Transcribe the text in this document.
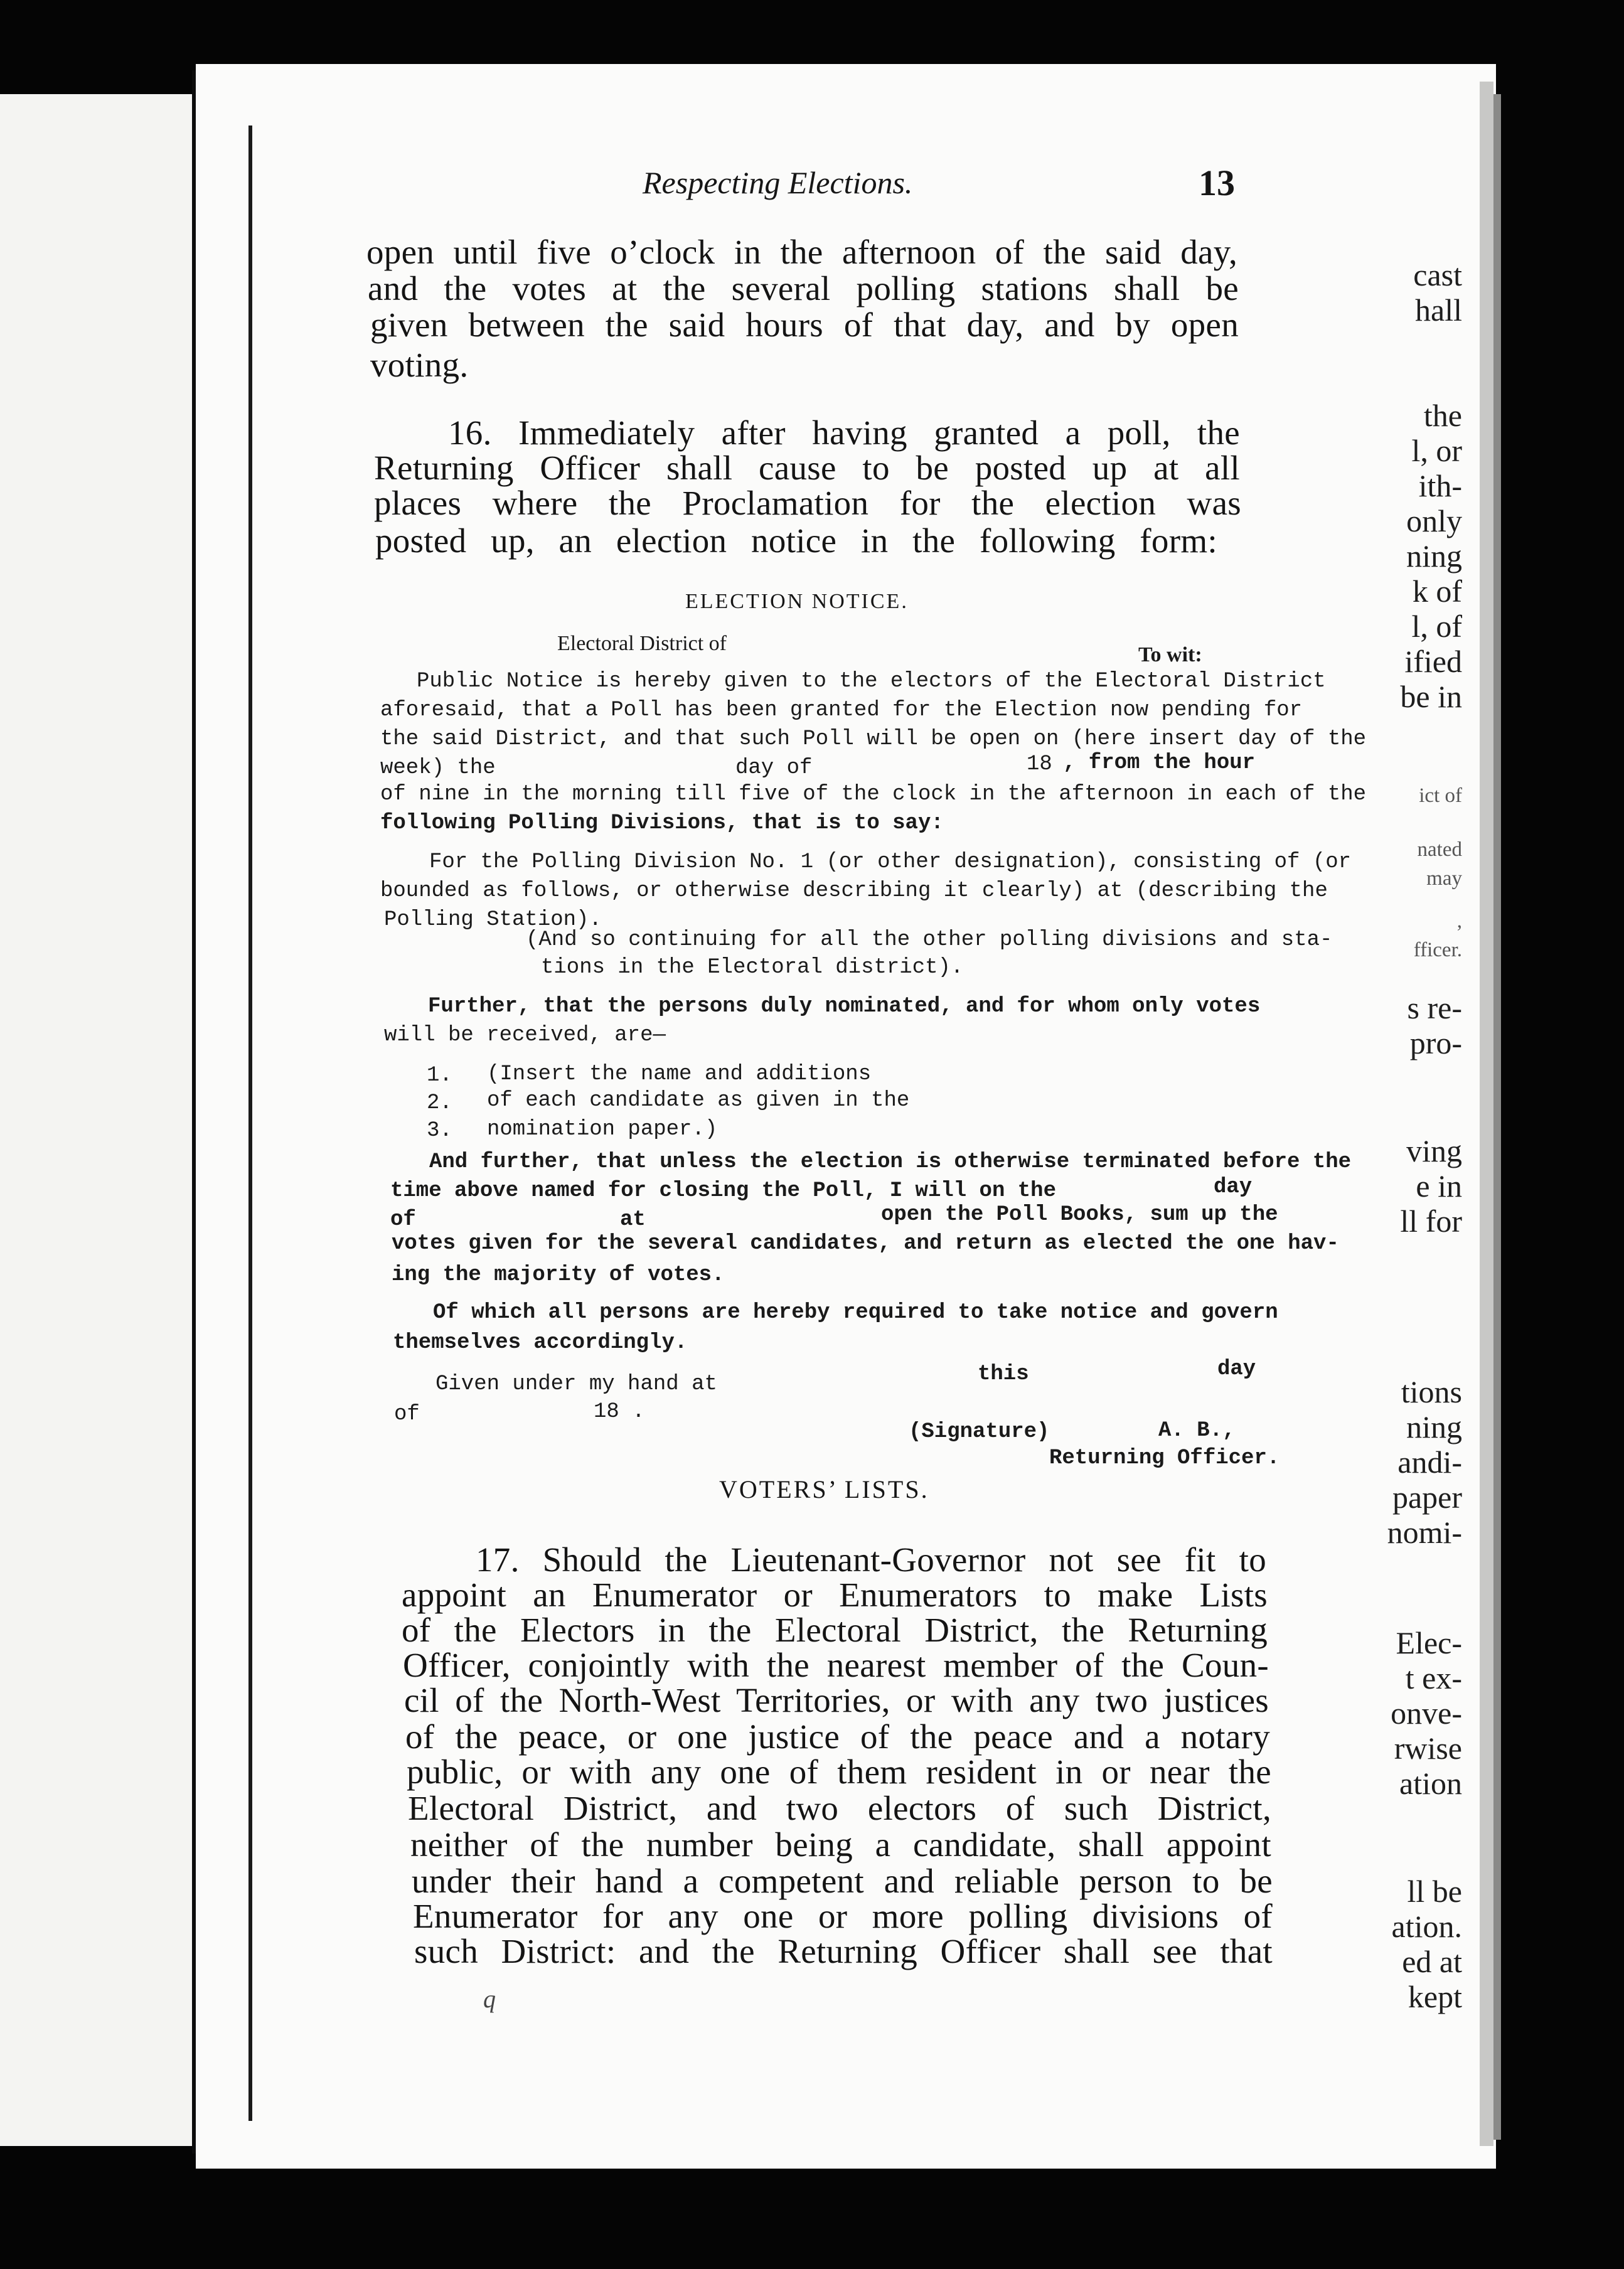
cast
hall
the
l, or
ith-
only
ning
k of
l, of
ified
be in
ict of
nated
may
,
fficer.
s re-
pro-
ving
e in
ll for
tions
ning
andi-
paper
nomi-
Elec-
t ex-
onve-
rwise
ation
ll be
ation.
ed at
kept
Respecting Elections.	13
open until five o’clock in the afternoon of the said day,
and the votes at the several polling stations shall be
given between the said hours of that day, and by open
voting.
16. Immediately after having granted a poll, the
Returning Officer shall cause to be posted up at all
places where the Proclamation for the election was
posted up, an election notice in the following form:
ELECTION NOTICE.
Electoral District of	To wit:
Public Notice is hereby given to the electors of the Electoral District
aforesaid, that a Poll has been granted for the Election now pending for
the said District, and that such Poll will be open on (here insert day of the
week) the	day of	18 , from the hour
of nine in the morning till five of the clock in the afternoon in each of the
following Polling Divisions, that is to say:
For the Polling Division No. 1 (or other designation), consisting of (or
bounded as follows, or otherwise describing it clearly) at (describing the
Polling Station).
(And so continuing for all the other polling divisions and sta-
tions in the Electoral district).
Further, that the persons duly nominated, and for whom only votes
will be received, are—
1. (Insert the name and additions
2. of each candidate as given in the
3. nomination paper.)
And further, that unless the election is otherwise terminated before the
time above named for closing the Poll, I will on the	day
of	at	open the Poll Books, sum up the
votes given for the several candidates, and return as elected the one hav-
ing the majority of votes.
Of which all persons are hereby required to take notice and govern
themselves accordingly.
Given under my hand at	this	day
of	18 .
(Signature)	A. B.,
Returning Officer.
VOTERS’ LISTS.
17. Should the Lieutenant-Governor not see fit to
appoint an Enumerator or Enumerators to make Lists
of the Electors in the Electoral District, the Returning
Officer, conjointly with the nearest member of the Coun-
cil of the North-West Territories, or with any two justices
of the peace, or one justice of the peace and a notary
public, or with any one of them resident in or near the
Electoral District, and two electors of such District,
neither of the number being a candidate, shall appoint
under their hand a competent and reliable person to be
Enumerator for any one or more polling divisions of
such District: and the Returning Officer shall see that
q
